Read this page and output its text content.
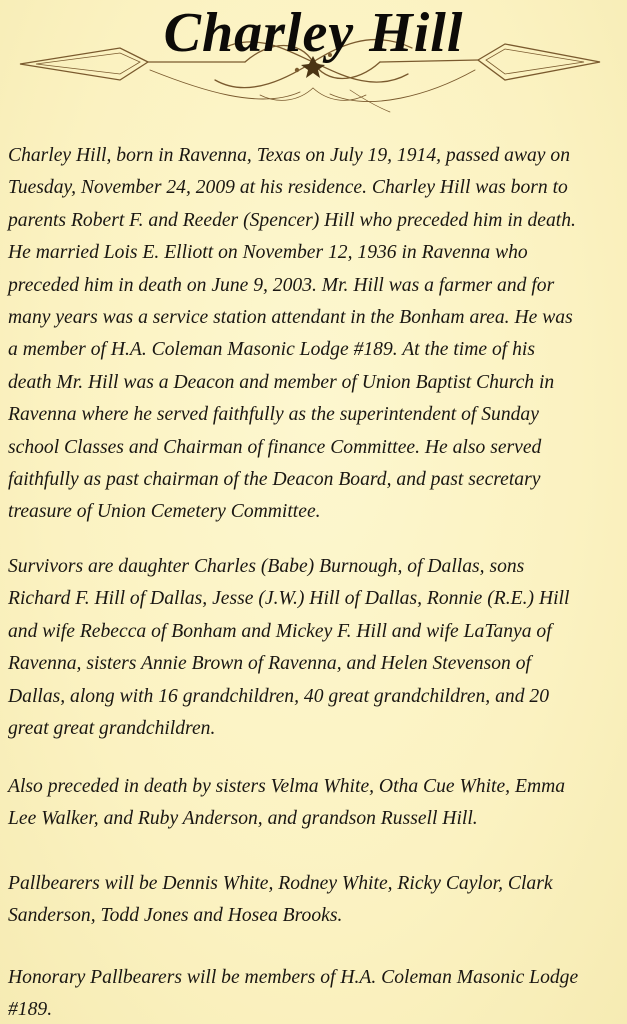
Charley Hill

Charley Hill, born in Ravenna, Texas on July 19, 1914, passed away on
Tuesday, November 24, 2009 at his residence. Charley Hill was born to
parents Robert F. and Reeder (Spencer) Hill who preceded him in death.
He married Lois E. Elliott on November 12, 1936 in Ravenna who
preceded him in death on June 9, 2003. Mr. Hill was a farmer and for
many years was a service station attendant in the Bonham area. He was
a member of H.A. Coleman Masonic Lodge #189. At the time of his
death Mr. Hill was a Deacon and member of Union Baptist Church in
Ravenna where he served faithfully as the superintendent of Sunday
school Classes and Chairman of finance Committee. He also served
faithfully as past chairman of the Deacon Board, and past secretary
treasure of Union Cemetery Committee.

Survivors are daughter Charles (Babe) Burnough, of Dallas, sons
Richard F. Hill of Dallas, Jesse (J.W.) Hill of Dallas, Ronnie (R.E.) Hill
and wife Rebecca of Bonham and Mickey F. Hill and wife LaTanya of
Ravenna, sisters Annie Brown of Ravenna, and Helen Stevenson of
Dallas, along with 16 grandchildren, 40 great grandchildren, and 20
great great grandchildren.

Also preceded in death by sisters Velma White, Otha Cue White, Emma
Lee Walker, and Ruby Anderson, and grandson Russell Hill.

Pallbearers will be Dennis White, Rodney White, Ricky Caylor, Clark
Sanderson, Todd Jones and Hosea Brooks.

Honorary Pallbearers will be members of H.A. Coleman Masonic Lodge
#189.
